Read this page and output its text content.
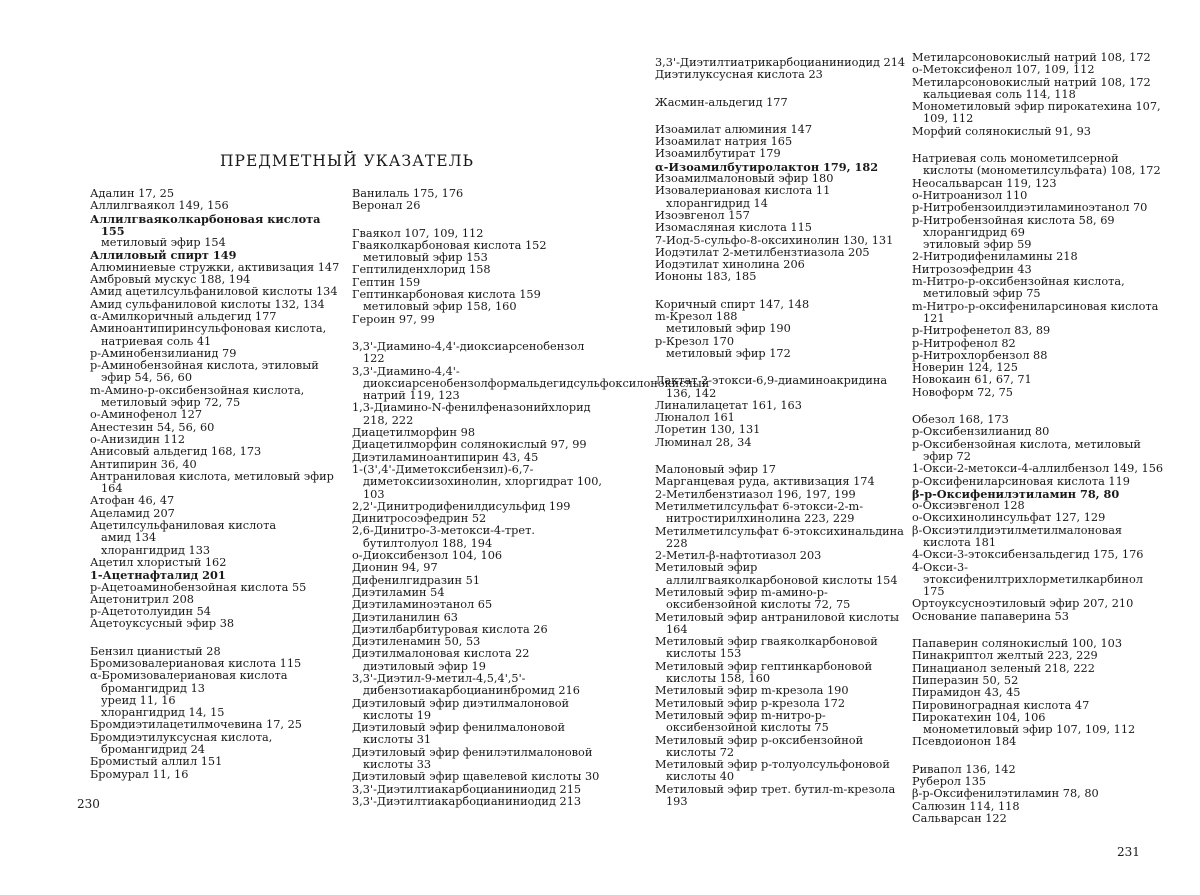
ПРЕДМЕТНЫЙ УКАЗАТЕЛЬ

Адалин 17, 25

Аллилгваякол 149, 156

Аллилгваяколкарбоновая кислота 155

метиловый эфир 154

Аллиловый спирт 149

Алюминиевые стружки, активизация 147

Амбровый мускус 188, 194

Амид ацетилсульфаниловой кислоты 134

Амид сульфаниловой кислоты 132, 134

α-Амилкоричный альдегид 177

Аминоантипиринсульфоновая кислота, натриевая соль 41

p-Аминобензилианид 79

p-Аминобензойная кислота, этиловый эфир 54, 56, 60

m-Амино-p-оксибензойная кислота, метиловый эфир 72, 75

о-Аминофенол 127

Анестезин 54, 56, 60

о-Анизидин 112

Анисовый альдегид 168, 173

Антипирин 36, 40

Антраниловая кислота, метиловый эфир 164

Атофан 46, 47

Ацеламид 207

Ацетилсульфаниловая кислота

амид 134

хлорангидрид 133

Ацетил хлористый 162

1-Ацетнафталид 201

p-Ацетоаминобензойная кислота 55

Ацетонитрил 208

p-Ацетотолуидин 54

Ацетоуксусный эфир 38

Бензил цианистый 28

Бромизовалериановая кислота 115

α-Бромизовалериановая кислота

бромангидрид 13

уреид 11, 16

хлорангидрид 14, 15

Бромдиэтилацетилмочевина 17, 25

Бромдиэтилуксусная кислота, бромангидрид 24

Бромистый аллил 151

Бромурал 11, 16

Ванилаль 175, 176

Веронал 26

Гваякол 107, 109, 112

Гваяколкарбоновая кислота 152

метиловый эфир 153

Гептилиденхлорид 158

Гептин 159

Гептинкарбоновая кислота 159

метиловый эфир 158, 160

Героин 97, 99

3,3'-Диамино-4,4'-диоксиарсенобензол 122

3,3'-Диамино-4,4'-диоксиарсенобензолформальдегидсульфоксилонокислый натрий 119, 123

1,3-Диамино-N-фенилфеназонийхлорид 218, 222

Диацетилморфин 98

Диацетилморфин солянокислый 97, 99

Диэтиламиноантипирин 43, 45

1-(3',4'-Диметоксибензил)-6,7-диметоксиизохинолин, хлоргидрат 100, 103

2,2'-Динитродифенилдисульфид 199

Динитросоэфедрин 52

2,6-Динитро-3-метокси-4-трет. бутилтолуол 188, 194

о-Диоксибензол 104, 106

Дионин 94, 97

Дифенилгидразин 51

Диэтиламин 54

Диэтиламиноэтанол 65

Диэтиланилин 63

Диэтилбарбитуровая кислота 26

Диэтиленамин 50, 53

Диэтилмалоновая кислота 22

диэтиловый эфир 19

3,3'-Диэтил-9-метил-4,5,4',5'-дибензотиакарбоцианинбромид 216

Диэтиловый эфир диэтилмалоновой кислоты 19

Диэтиловый эфир фенилмалоновой кислоты 31

Диэтиловый эфир фенилэтилмалоновой кислоты 33

Диэтиловый эфир щавелевой кислоты 30

3,3'-Диэтилтиакарбоцианиниодид 215

3,3'-Диэтилтиакарбоцианиниодид 213

230

3,3'-Диэтилтиатрикарбоцианиниодид 214

Диэтилуксусная кислота 23

Жасмин-альдегид 177

Изоамилат алюминия 147

Изоамилат натрия 165

Изоамилбутират 179

α-Изоамилбутиролактон 179, 182

Изоамилмалоновый эфир 180

Изовалериановая кислота 11

хлорангидрид 14

Изоэвгенол 157

Изомасляная кислота 115

7-Иод-5-сульфо-8-оксихинолин 130, 131

Иодэтилат 2-метилбензтиазола 205

Иодэтилат хинолина 206

Иононы 183, 185

Коричный спирт 147, 148

m-Крезол 188

метиловый эфир 190

p-Крезол 170

метиловый эфир 172

Лактат 2-этокси-6,9-диаминоакридина 136, 142

Линалилацетат 161, 163

Люналол 161

Лоретин 130, 131

Люминал 28, 34

Малоновый эфир 17

Марганцевая руда, активизация 174

2-Метилбензтиазол 196, 197, 199

Метилметилсульфат 6-этокси-2-m-нитростирилхинолина 223, 229

Метилметилсульфат 6-этоксихинальдина 228

2-Метил-β-нафтотиазол 203

Метиловый эфир аллилгваяколкарбоновой кислоты 154

Метиловый эфир m-амино-p-оксибензойной кислоты 72, 75

Метиловый эфир антраниловой кислоты 164

Метиловый эфир гваяколкарбоновой кислоты 153

Метиловый эфир гептинкарбоновой кислоты 158, 160

Метиловый эфир m-крезола 190

Метиловый эфир p-крезола 172

Метиловый эфир m-нитро-p-оксибензойной кислоты 75

Метиловый эфир p-оксибензойной кислоты 72

Метиловый эфир p-толуолсульфоновой кислоты 40

Метиловый эфир трет. бутил-m-крезола 193

Метиларсоновокислый натрий 108, 172

о-Метоксифенол 107, 109, 112

Метиларсоновокислый натрий 108, 172

кальциевая соль 114, 118

Монометиловый эфир пирокатехина 107, 109, 112

Морфий солянокислый 91, 93

Натриевая соль монометилсерной кислоты (монометилсульфата) 108, 172

Неосальварсан 119, 123

о-Нитроанизол 110

p-Нитробензоилдиэтиламиноэтанол 70

p-Нитробензойная кислота 58, 69

хлорангидрид 69

этиловый эфир 59

2-Нитродифениламины 218

Нитрозоэфедрин 43

m-Нитро-p-оксибензойная кислота, метиловый эфир 75

m-Нитро-p-оксифениларсиновая кислота 121

p-Нитрофенетол 83, 89

p-Нитрофенол 82

p-Нитрохлорбензол 88

Новерин 124, 125

Новокаин 61, 67, 71

Новоформ 72, 75

Обезол 168, 173

p-Оксибензилианид 80

p-Оксибензойная кислота, метиловый эфир 72

1-Окси-2-метокси-4-аллилбензол 149, 156

p-Оксифениларсиновая кислота 119

β-p-Оксифенилэтиламин 78, 80

о-Оксиэвгенол 128

о-Оксихинолинсульфат 127, 129

β-Оксиэтилдиэтилметилмалоновая кислота 181

4-Окси-3-этоксибензальдегид 175, 176

4-Окси-3-этоксифенилтрихлорметилкарбинол 175

Ортоуксусноэтиловый эфир 207, 210

Основание папаверина 53

Папаверин солянокислый 100, 103

Пинакриптол желтый 223, 229

Пинацианол зеленый 218, 222

Пиперазин 50, 52

Пирамидон 43, 45

Пировиноградная кислота 47

Пирокатехин 104, 106

монометиловый эфир 107, 109, 112

Псевдоионон 184

Ривапол 136, 142

Руберол 135

β-p-Оксифенилэтиламин 78, 80

Салюзин 114, 118

Сальварсан 122

231
